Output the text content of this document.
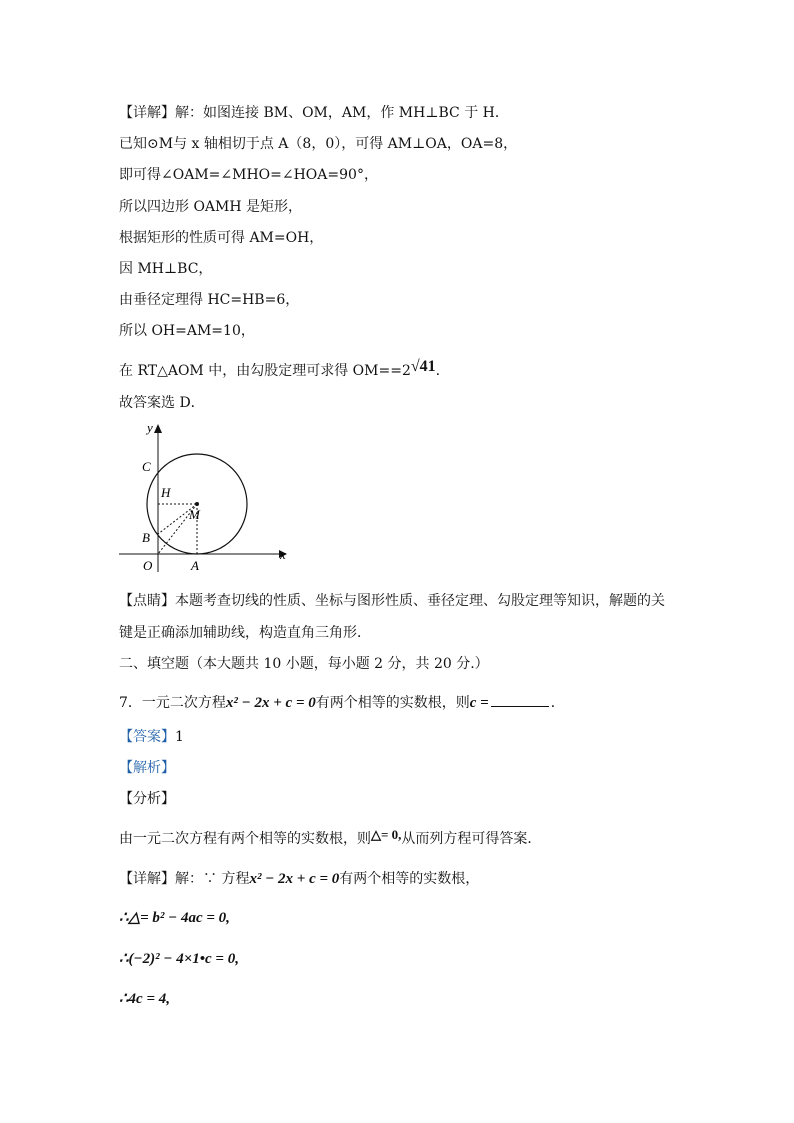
【详解】解：如图连接 BM、OM，AM，作 MH⊥BC 于 H．
已知⊙M与 x 轴相切于点 A（8，0），可得 AM⊥OA，OA=8，
即可得∠OAM=∠MHO=∠HOA=90°，
所以四边形 OAMH 是矩形，
根据矩形的性质可得 AM=OH，
因 MH⊥BC，
由垂径定理得 HC=HB=6，
所以 OH=AM=10，
在 RT△AOM 中，由勾股定理可求得 OM==2√41.
故答案选 D．
y
x
C
H
M
B
O	A
【点睛】本题考查切线的性质、坐标与图形性质、垂径定理、勾股定理等知识，解题的关
键是正确添加辅助线，构造直角三角形．
二、填空题（本大题共 10 小题，每小题 2 分，共 20 分.）
7．一元二次方程x² − 2x + c = 0有两个相等的实数根，则c =	．
【答案】1
【解析】
【分析】
由一元二次方程有两个相等的实数根，则△= 0,从而列方程可得答案．
【详解】解：∵ 方程x² − 2x + c = 0有两个相等的实数根，
∴△= b² − 4ac = 0,
∴(−2)² − 4×1•c = 0,
∴4c = 4,
